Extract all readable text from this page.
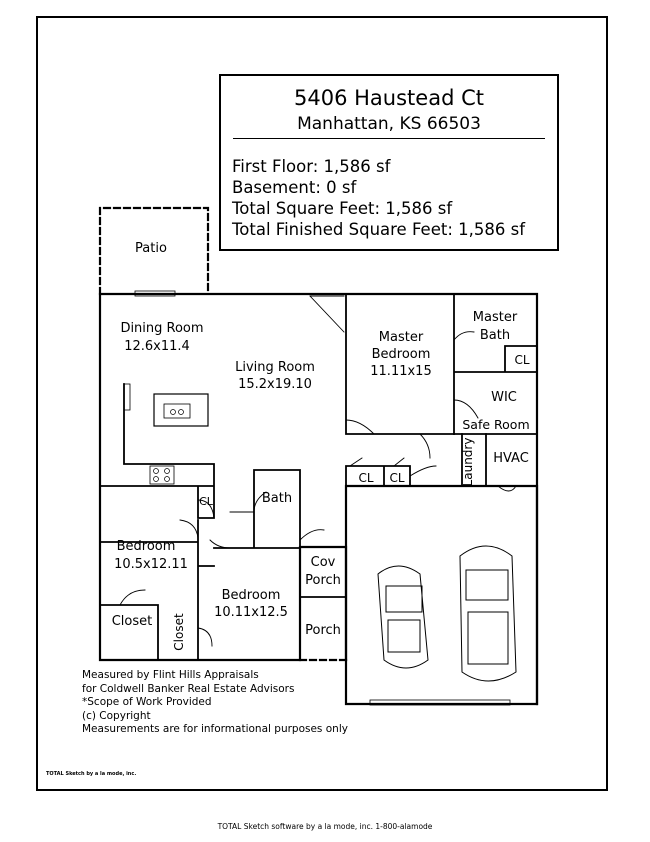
5406 Haustead Ct
Manhattan, KS 66503
First Floor: 1,586 sf
Basement: 0 sf
Total Square Feet: 1,586 sf
Total Finished Square Feet: 1,586 sf
Patio
Dining Room
12.6x11.4
Living Room
15.2x19.10
Master
Bedroom
11.11x15
Master
Bath
CL
WIC
Safe Room
HVAC
Laundry
CL	CL
Bath
CL
Bedroom
10.5x12.11
Bedroom
10.11x12.5
Closet	Closet
Cov
Porch
Porch
Measured by Flint Hills Appraisals
for Coldwell Banker Real Estate Advisors
*Scope of Work Provided
(c) Copyright
Measurements are for informational purposes only
TOTAL Sketch by a la mode, inc.
TOTAL Sketch software by a la mode, inc. 1-800-alamode
